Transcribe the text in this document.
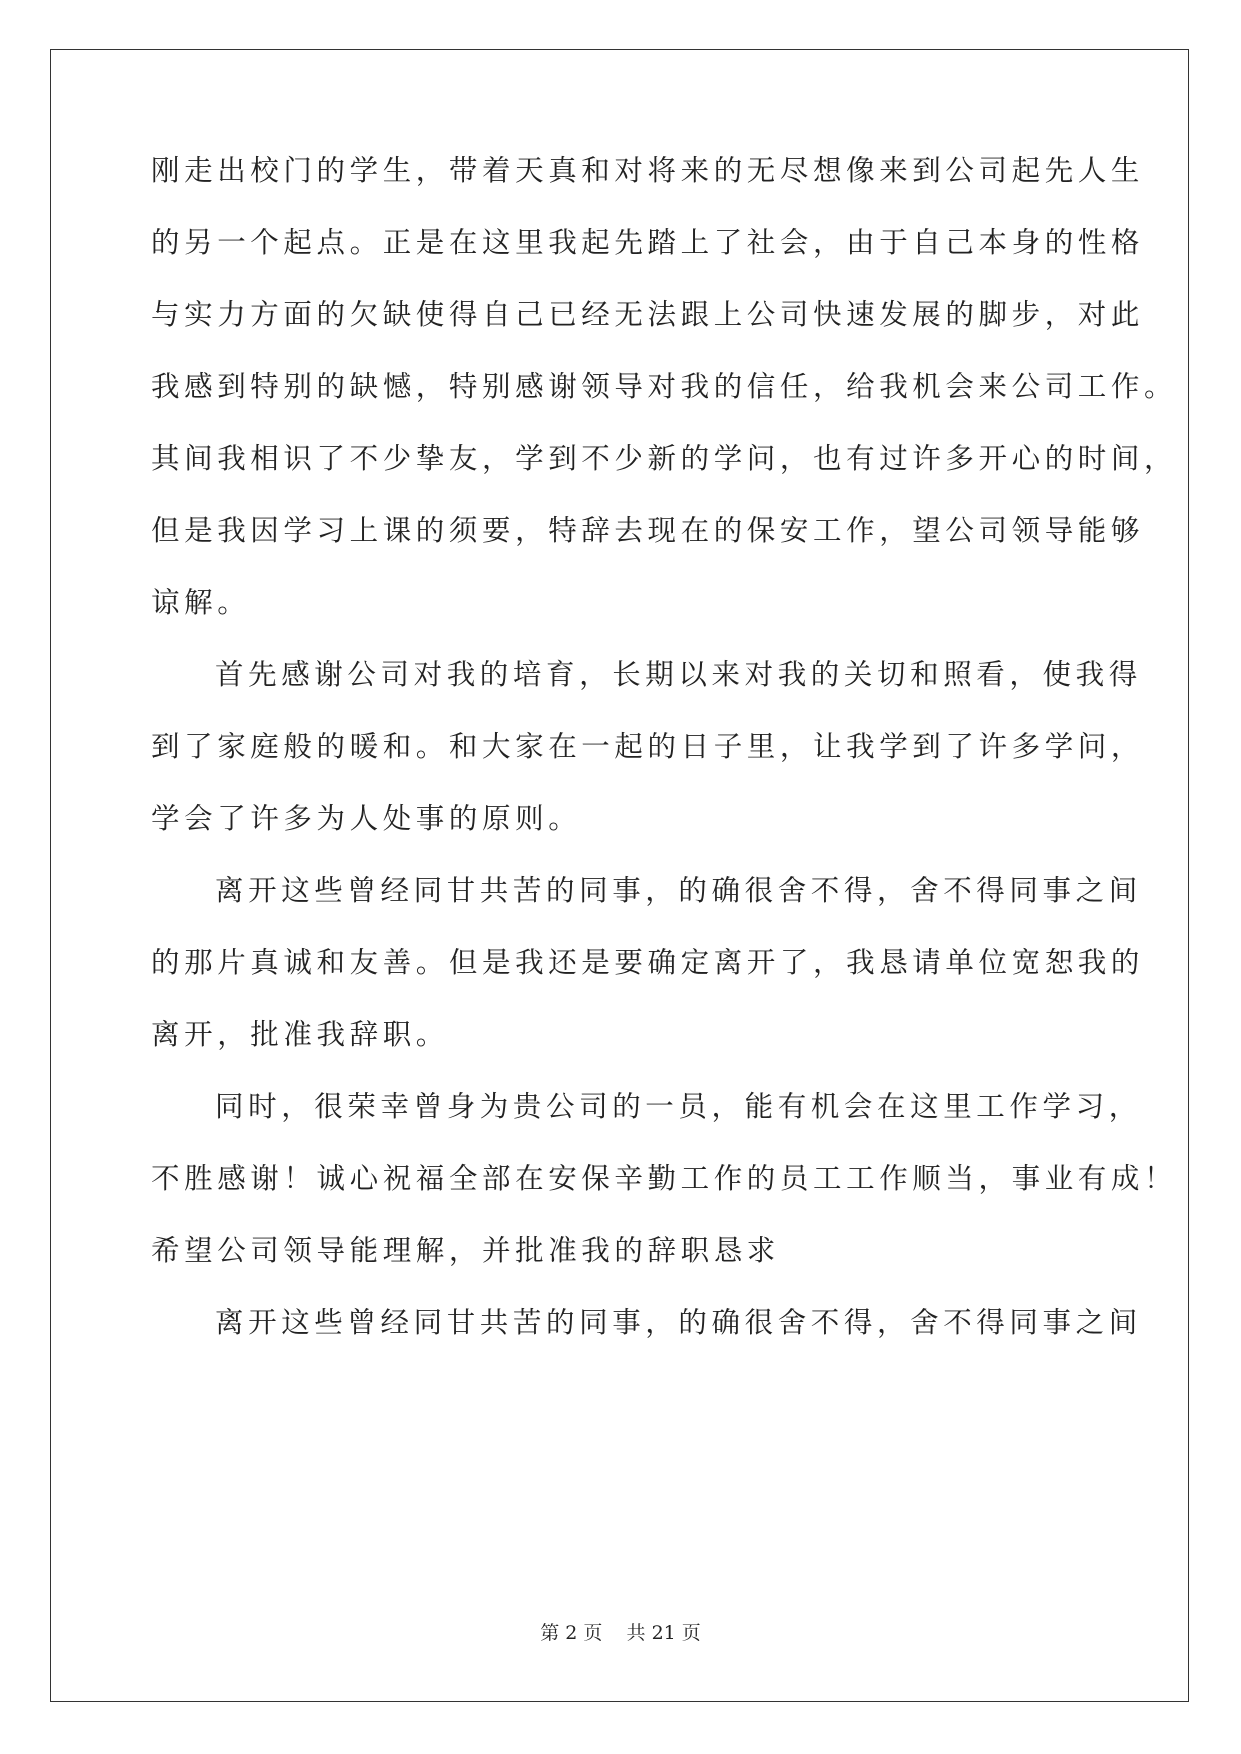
刚走出校门的学生，带着天真和对将来的无尽想像来到公司起先人生
的另一个起点。正是在这里我起先踏上了社会，由于自己本身的性格
与实力方面的欠缺使得自己已经无法跟上公司快速发展的脚步，对此
我感到特别的缺憾，特别感谢领导对我的信任，给我机会来公司工作。
其间我相识了不少挚友，学到不少新的学问，也有过许多开心的时间，
但是我因学习上课的须要，特辞去现在的保安工作，望公司领导能够
谅解。
首先感谢公司对我的培育，长期以来对我的关切和照看，使我得
到了家庭般的暖和。和大家在一起的日子里，让我学到了许多学问，
学会了许多为人处事的原则。
离开这些曾经同甘共苦的同事，的确很舍不得，舍不得同事之间
的那片真诚和友善。但是我还是要确定离开了，我恳请单位宽恕我的
离开，批准我辞职。
同时，很荣幸曾身为贵公司的一员，能有机会在这里工作学习，
不胜感谢！诚心祝福全部在安保辛勤工作的员工工作顺当，事业有成！
希望公司领导能理解，并批准我的辞职恳求
离开这些曾经同甘共苦的同事，的确很舍不得，舍不得同事之间
第 2 页    共 21 页
